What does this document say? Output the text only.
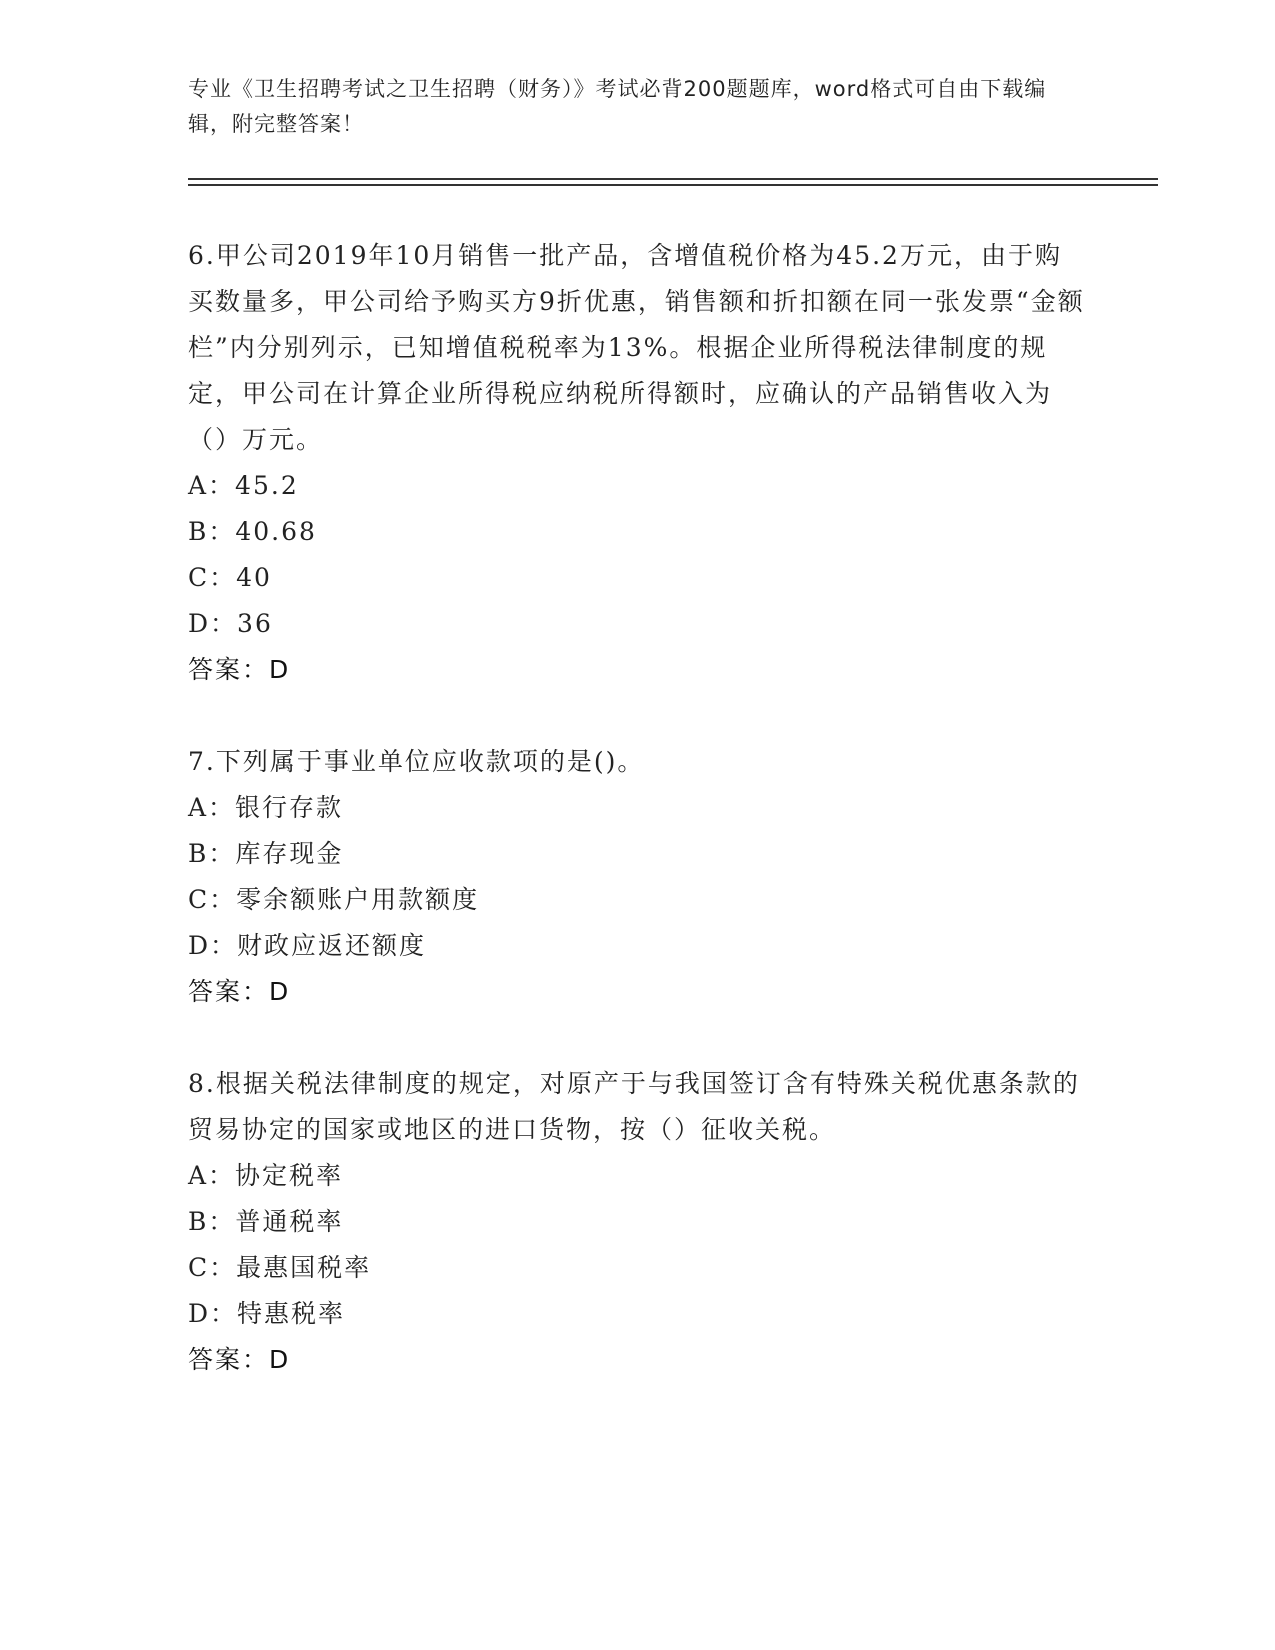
专业《卫生招聘考试之卫生招聘（财务）》考试必背200题题库，word格式可自由下载编辑，附完整答案！
6.甲公司2019年10月销售一批产品，含增值税价格为45.2万元，由于购买数量多，甲公司给予购买方9折优惠，销售额和折扣额在同一张发票“金额栏”内分别列示，已知增值税税率为13%。根据企业所得税法律制度的规定，甲公司在计算企业所得税应纳税所得额时，应确认的产品销售收入为（）万元。
A：45.2
B：40.68
C：40
D：36
答案：D
7.下列属于事业单位应收款项的是()。
A：银行存款
B：库存现金
C：零余额账户用款额度
D：财政应返还额度
答案：D
8.根据关税法律制度的规定，对原产于与我国签订含有特殊关税优惠条款的贸易协定的国家或地区的进口货物，按（）征收关税。
A：协定税率
B：普通税率
C：最惠国税率
D：特惠税率
答案：D
